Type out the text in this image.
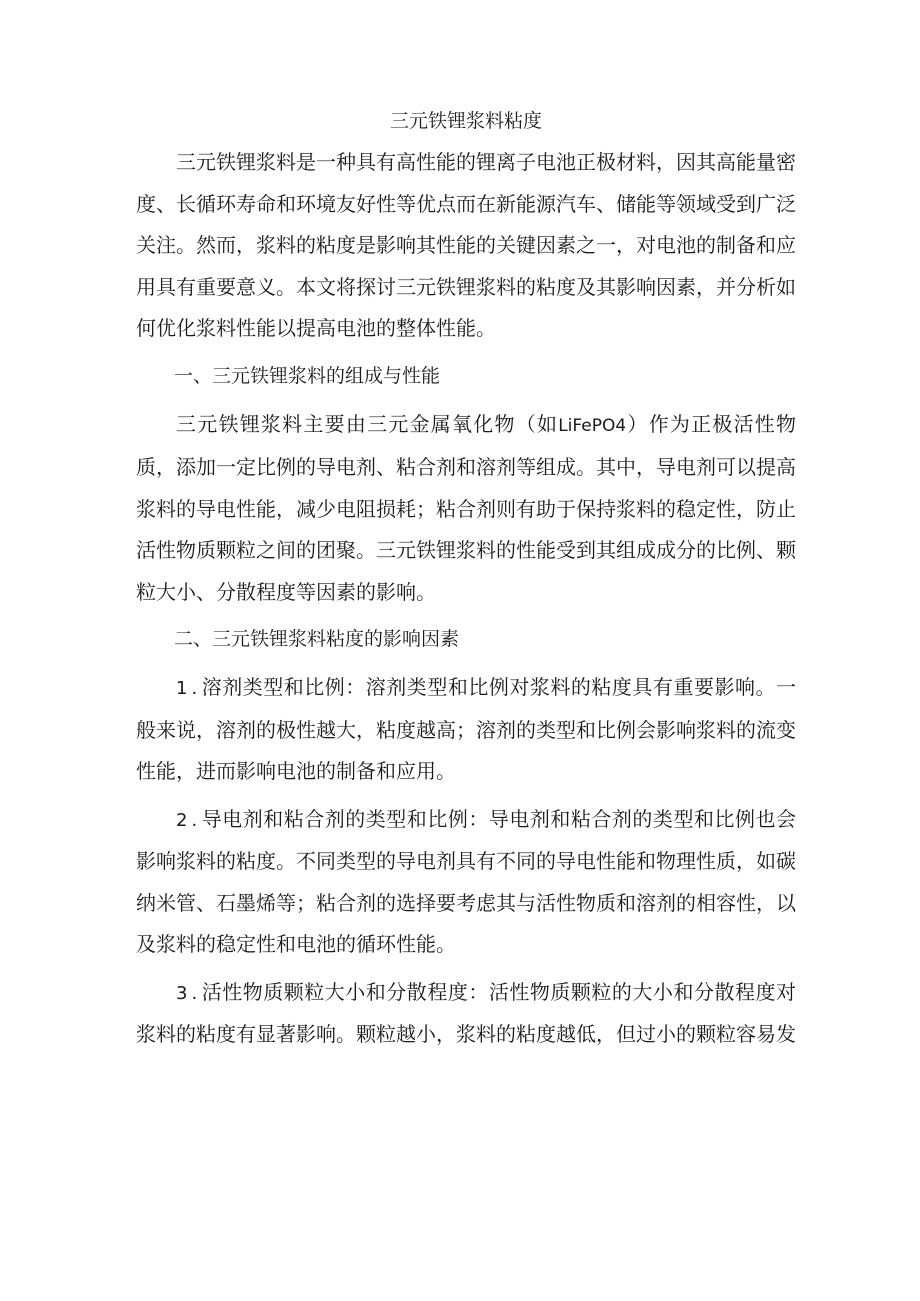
三元铁锂浆料粘度

三元铁锂浆料是一种具有高性能的锂离子电池正极材料，因其高能量密度、长循环寿命和环境友好性等优点而在新能源汽车、储能等领域受到广泛关注。然而，浆料的粘度是影响其性能的关键因素之一，对电池的制备和应用具有重要意义。本文将探讨三元铁锂浆料的粘度及其影响因素，并分析如何优化浆料性能以提高电池的整体性能。

一、三元铁锂浆料的组成与性能

三元铁锂浆料主要由三元金属氧化物（如LiFePO4）作为正极活性物质，添加一定比例的导电剂、粘合剂和溶剂等组成。其中，导电剂可以提高浆料的导电性能，减少电阻损耗；粘合剂则有助于保持浆料的稳定性，防止活性物质颗粒之间的团聚。三元铁锂浆料的性能受到其组成成分的比例、颗粒大小、分散程度等因素的影响。

二、三元铁锂浆料粘度的影响因素

1.溶剂类型和比例：溶剂类型和比例对浆料的粘度具有重要影响。一般来说，溶剂的极性越大，粘度越高；溶剂的类型和比例会影响浆料的流变性能，进而影响电池的制备和应用。

2.导电剂和粘合剂的类型和比例：导电剂和粘合剂的类型和比例也会影响浆料的粘度。不同类型的导电剂具有不同的导电性能和物理性质，如碳纳米管、石墨烯等；粘合剂的选择要考虑其与活性物质和溶剂的相容性，以及浆料的稳定性和电池的循环性能。

3.活性物质颗粒大小和分散程度：活性物质颗粒的大小和分散程度对浆料的粘度有显著影响。颗粒越小，浆料的粘度越低，但过小的颗粒容易发
